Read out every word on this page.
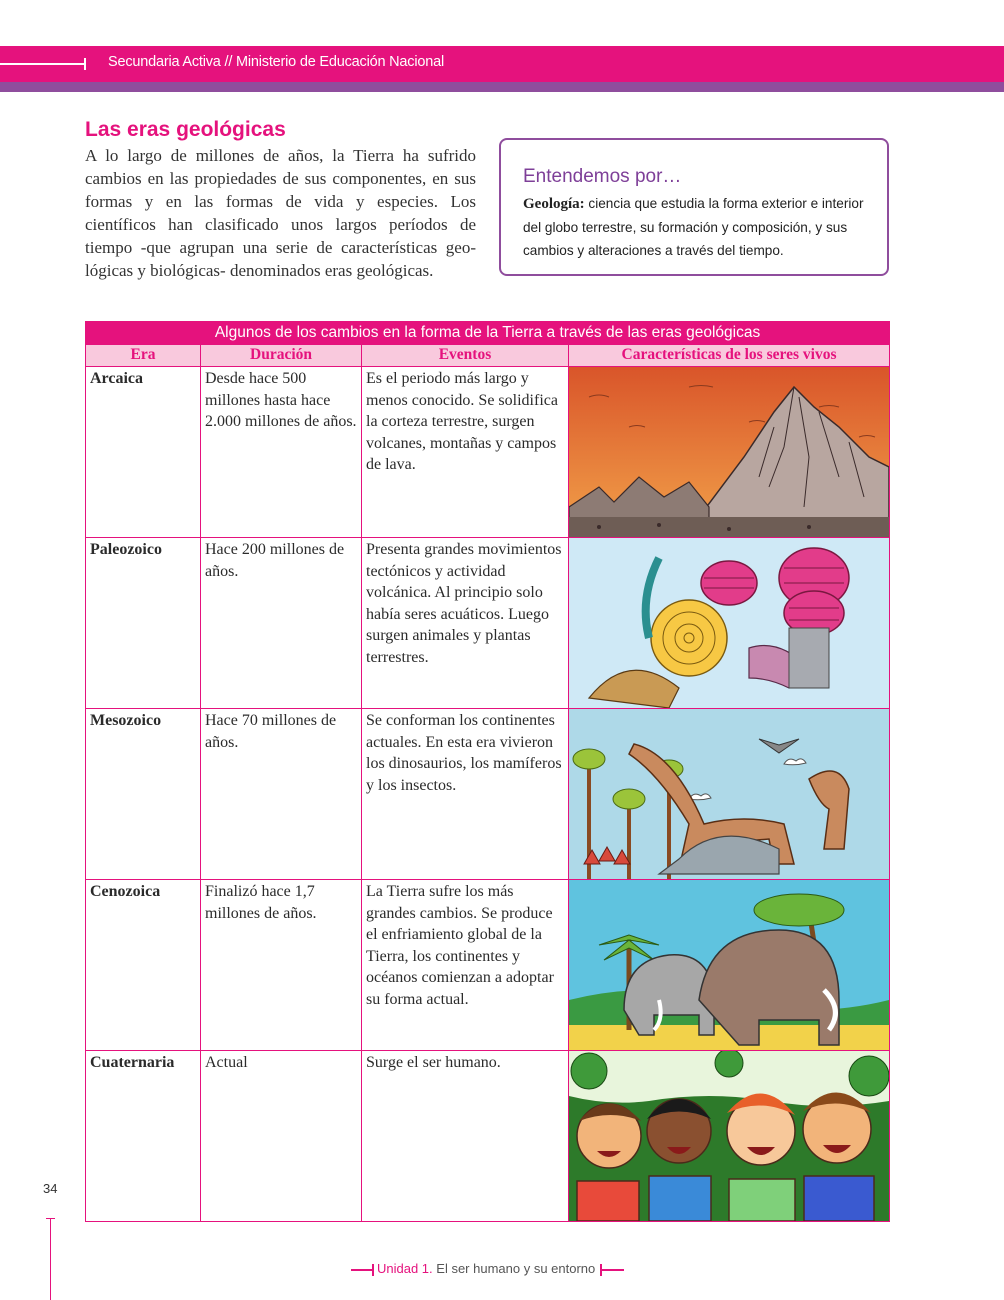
Secundaria Activa // Ministerio de Educación Nacional
Las eras geológicas

A lo largo de millones de años, la Tierra ha sufrido cambios en las propiedades de sus componentes, en sus formas y en las formas de vida y especies. Los científicos han clasificado unos largos períodos de tiempo -que agrupan una serie de características geo-lógicas y biológicas- denominados eras geológicas.

Entendemos por…
Geología: ciencia que estudia la forma exterior e interior del globo terrestre, su formación y composición, y sus cambios y alteraciones a través del tiempo.
Algunos de los cambios en la forma de la Tierra a través de las eras geológicas			
Era	Duración	Eventos	Características de los seres vivos
Arcaica	Desde hace 500 millones hasta hace 2.000 millones de años.	Es el periodo más largo y menos conocido. Se solidifica la corteza terrestre, surgen volcanes, montañas y campos de lava.	

Paleozoico	Hace 200 millones de años.	Presenta grandes movimientos tectónicos y actividad volcánica. Al principio solo había seres acuáticos. Luego surgen animales y plantas terrestres.	

Mesozoico	Hace 70 millones de años.	Se conforman los continentes actuales. En esta era vivieron los dinosaurios, los mamíferos y los insectos.	

Cenozoica	Finalizó hace 1,7 millones de años.	La Tierra sufre los más grandes cambios. Se produce el enfriamiento global de la Tierra, los continentes y océanos comienzan a adoptar su forma actual.	

Cuaternaria	Actual	Surge el ser humano.	
34
Unidad 1. El ser humano y su entorno
